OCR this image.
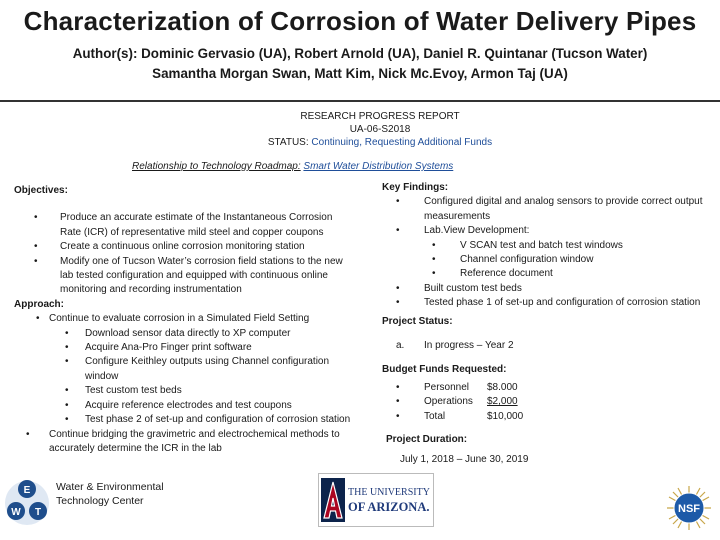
Characterization of Corrosion of Water Delivery Pipes
Author(s): Dominic Gervasio (UA), Robert Arnold (UA), Daniel R. Quintanar (Tucson Water)
Samantha Morgan Swan, Matt Kim, Nick Mc.Evoy, Armon Taj (UA)
RESEARCH PROGRESS REPORT
UA-06-S2018
STATUS: Continuing, Requesting Additional Funds
Relationship to Technology Roadmap: Smart Water Distribution Systems
Objectives:
• Produce an accurate estimate of the Instantaneous Corrosion Rate (ICR) of representative mild steel and copper coupons
• Create a continuous online corrosion monitoring station
• Modify one of Tucson Water’s corrosion field stations to the new lab tested configuration and equipped with continuous online monitoring and recording instrumentation
Approach:
• Continue to evaluate corrosion in a Simulated Field Setting
• Download sensor data directly to XP computer
• Acquire Ana-Pro Finger print software
• Configure Keithley outputs using Channel configuration window
• Test custom test beds
• Acquire reference electrodes and test coupons
• Test phase 2 of set-up and configuration of corrosion station
• Continue bridging the gravimetric and electrochemical methods to accurately determine the ICR in the lab
Key Findings:
• Configured digital and analog sensors to provide correct output measurements
• Lab.View Development:
• V SCAN test and batch test windows
• Channel configuration window
• Reference document
• Built custom test beds
• Tested phase 1 of set-up and configuration of corrosion station
Project Status:
a. In progress – Year 2
Budget Funds Requested:
• Personnel	$8.000
• Operations	$2,000
• Total	$10,000
Project Duration:
July 1, 2018 – June 30, 2019
E
W T
Water & Environmental
Technology Center
THE UNIVERSITY
OF ARIZONA.	NSF
